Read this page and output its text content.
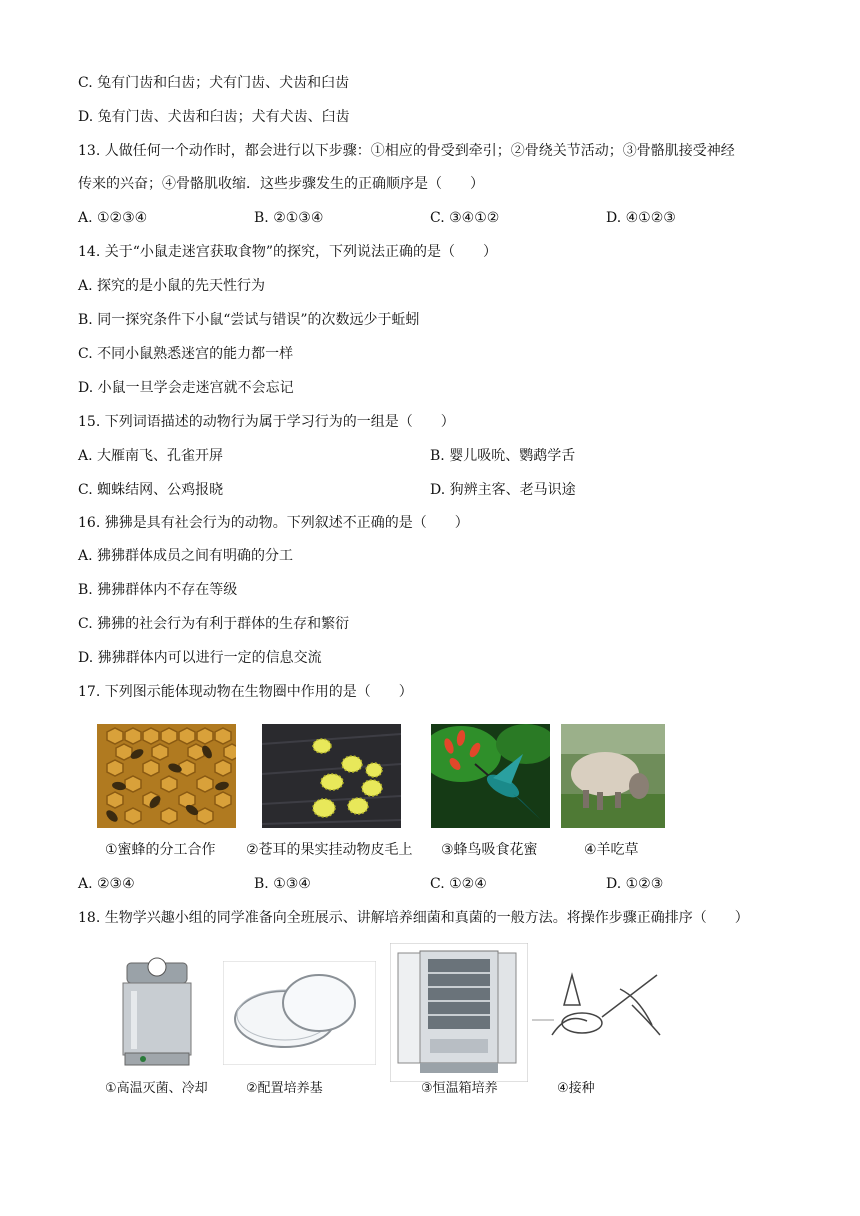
C. 兔有门齿和臼齿；犬有门齿、犬齿和臼齿
D. 兔有门齿、犬齿和臼齿；犬有犬齿、臼齿
13. 人做任何一个动作时，都会进行以下步骤：①相应的骨受到牵引；②骨绕关节活动；③骨骼肌接受神经
传来的兴奋；④骨骼肌收缩．这些步骤发生的正确顺序是（　　）
A. ①②③④	B. ②①③④	C. ③④①②	D. ④①②③
14. 关于“小鼠走迷宫获取食物”的探究，下列说法正确的是（　　）
A. 探究的是小鼠的先天性行为
B. 同一探究条件下小鼠“尝试与错误”的次数远少于蚯蚓
C. 不同小鼠熟悉迷宫的能力都一样
D. 小鼠一旦学会走迷宫就不会忘记
15. 下列词语描述的动物行为属于学习行为的一组是（　　）
A. 大雁南飞、孔雀开屏	B. 婴儿吸吮、鹦鹉学舌
C. 蜘蛛结网、公鸡报晓	D. 狗辨主客、老马识途
16. 狒狒是具有社会行为的动物。下列叙述不正确的是（　　）
A. 狒狒群体成员之间有明确的分工
B. 狒狒群体内不存在等级
C. 狒狒的社会行为有利于群体的生存和繁衍
D. 狒狒群体内可以进行一定的信息交流
17. 下列图示能体现动物在生物圈中作用的是（　　）
①蜜蜂的分工合作 ②苍耳的果实挂动物皮毛上 ③蜂鸟吸食花蜜	④羊吃草
A. ②③④	B. ①③④	C. ①②④	D. ①②③
18. 生物学兴趣小组的同学准备向全班展示、讲解培养细菌和真菌的一般方法。将操作步骤正确排序（　　）
①高温灭菌、冷却	②配置培养基	③恒温箱培养	④接种
